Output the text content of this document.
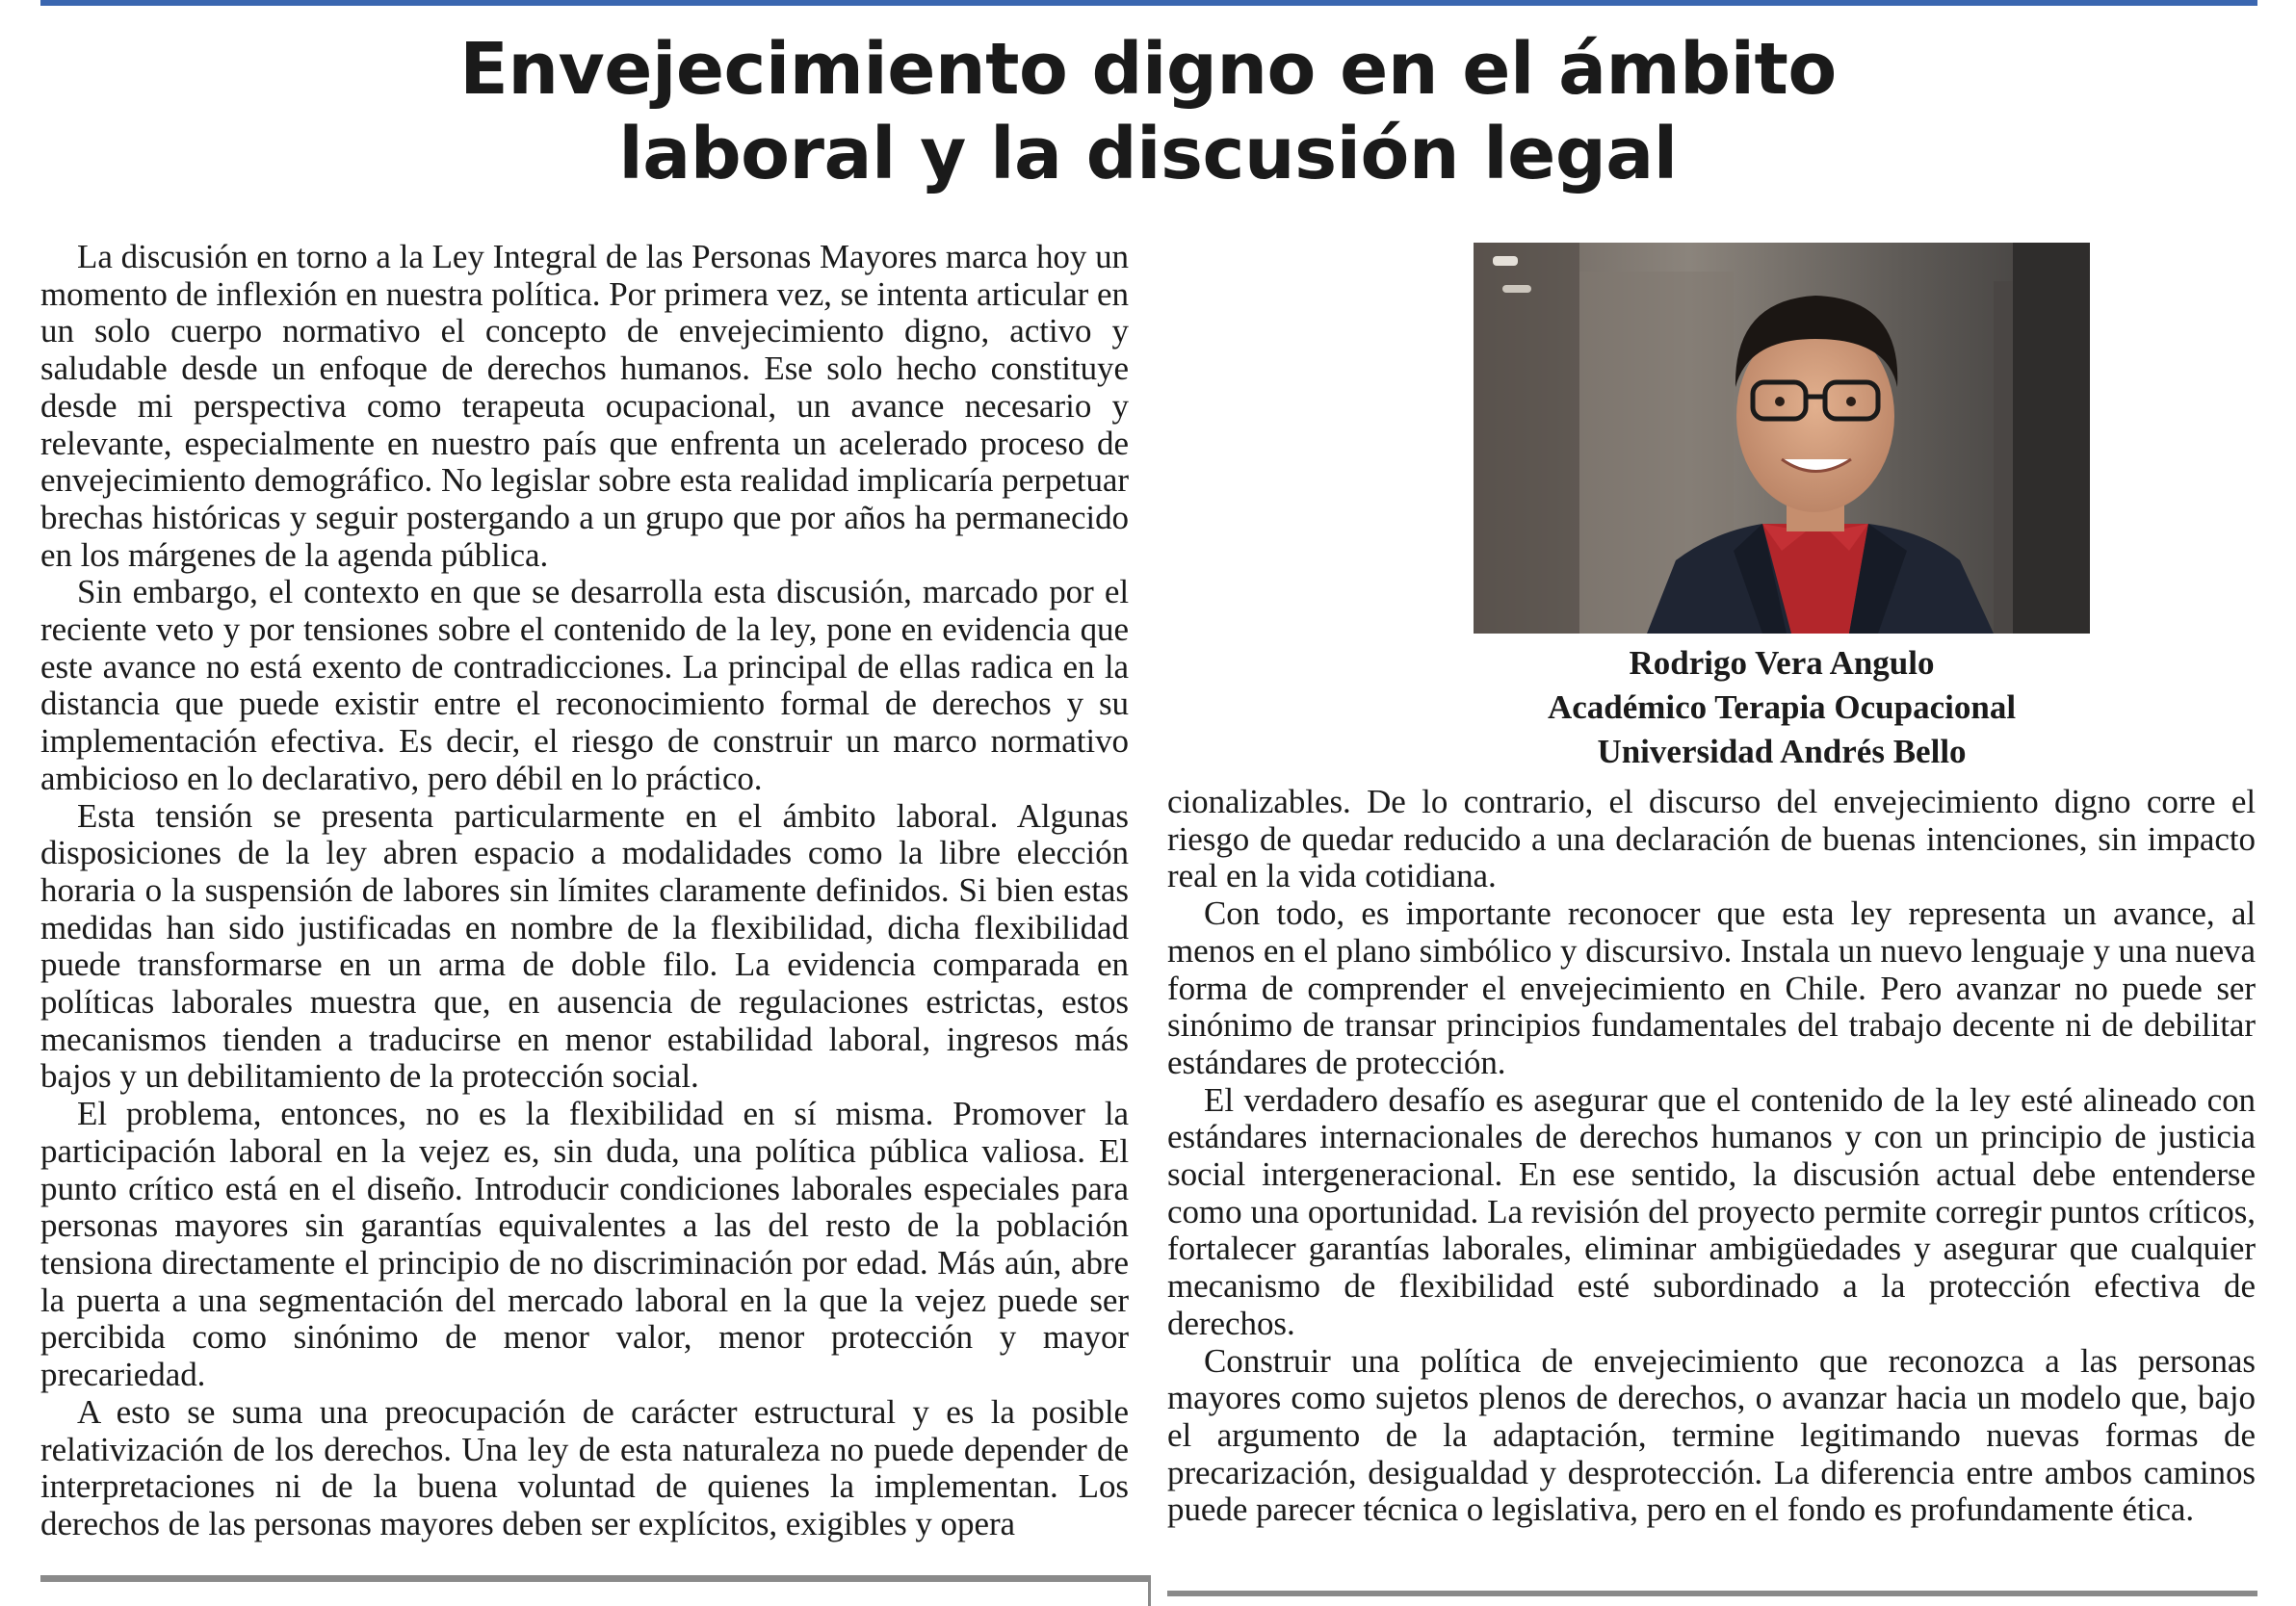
Envejecimiento digno en el ámbito
laboral y la discusión legal

La discusión en torno a la Ley Integral de las Personas Mayores marca hoy un momento de inflexión en nuestra política. Por primera vez, se intenta articular en un solo cuerpo normativo el concepto de envejecimiento digno, activo y saludable desde un enfoque de derechos humanos. Ese solo hecho constituye desde mi perspectiva como terapeuta ocupacional, un avance necesario y relevante, especialmente en nuestro país que enfrenta un acelerado proceso de envejecimiento demográfico. No legislar sobre esta realidad implicaría perpetuar brechas históricas y seguir postergando a un grupo que por años ha permanecido en los márgenes de la agenda pública.

Sin embargo, el contexto en que se desarrolla esta discusión, marcado por el reciente veto y por tensiones sobre el contenido de la ley, pone en evidencia que este avance no está exento de contradicciones. La principal de ellas radica en la distancia que puede existir entre el reconocimiento formal de derechos y su implementación efectiva. Es decir, el riesgo de construir un marco normativo ambicioso en lo declarativo, pero débil en lo práctico.

Esta tensión se presenta particularmente en el ámbito laboral. Algunas disposiciones de la ley abren espacio a modalidades como la libre elección horaria o la suspensión de labores sin límites claramente definidos. Si bien estas medidas han sido justificadas en nombre de la flexibilidad, dicha flexibilidad puede transformarse en un arma de doble filo. La evidencia comparada en políticas laborales muestra que, en ausencia de regulaciones estrictas, estos mecanismos tienden a traducirse en menor estabilidad laboral, ingresos más bajos y un debilitamiento de la protección social.

El problema, entonces, no es la flexibilidad en sí misma. Promover la participación laboral en la vejez es, sin duda, una política pública valiosa. El punto crítico está en el diseño. Introducir condiciones laborales especiales para personas mayores sin garantías equivalentes a las del resto de la población tensiona directamente el principio de no discriminación por edad. Más aún, abre la puerta a una segmentación del mercado laboral en la que la vejez puede ser percibida como sinónimo de menor valor, menor protección y mayor precariedad.

A esto se suma una preocupación de carácter estructural y es la posible relativización de los derechos. Una ley de esta naturaleza no puede depender de interpretaciones ni de la buena voluntad de quienes la implementan. Los derechos de las personas mayores deben ser explícitos, exigibles y opera

Rodrigo Vera Angulo
Académico Terapia Ocupacional
Universidad Andrés Bello

cionalizables. De lo contrario, el discurso del envejecimiento digno corre el riesgo de quedar reducido a una declaración de buenas intenciones, sin impacto real en la vida cotidiana.

Con todo, es importante reconocer que esta ley representa un avance, al menos en el plano simbólico y discursivo. Instala un nuevo lenguaje y una nueva forma de comprender el envejecimiento en Chile. Pero avanzar no puede ser sinónimo de transar principios fundamentales del trabajo decente ni de debilitar estándares de protección.

El verdadero desafío es asegurar que el contenido de la ley esté alineado con estándares internacionales de derechos humanos y con un principio de justicia social intergeneracional. En ese sentido, la discusión actual debe entenderse como una oportunidad. La revisión del proyecto permite corregir puntos críticos, fortalecer garantías laborales, eliminar ambigüedades y asegurar que cualquier mecanismo de flexibilidad esté subordinado a la protección efectiva de derechos.

Construir una política de envejecimiento que reconozca a las personas mayores como sujetos plenos de derechos, o avanzar hacia un modelo que, bajo el argumento de la adaptación, termine legitimando nuevas formas de precarización, desigualdad y desprotección. La diferencia entre ambos caminos puede parecer técnica o legislativa, pero en el fondo es profundamente ética.
